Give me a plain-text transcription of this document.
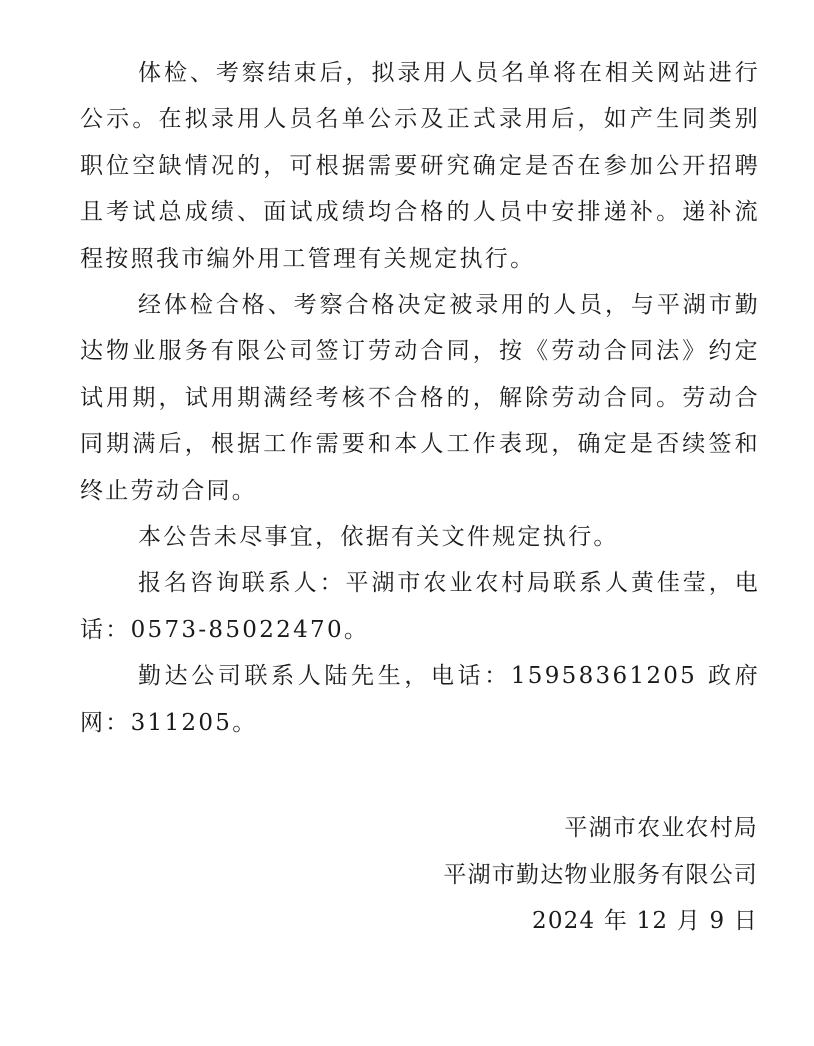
体检、考察结束后，拟录用人员名单将在相关网站进行公示。在拟录用人员名单公示及正式录用后，如产生同类别职位空缺情况的，可根据需要研究确定是否在参加公开招聘且考试总成绩、面试成绩均合格的人员中安排递补。递补流程按照我市编外用工管理有关规定执行。

经体检合格、考察合格决定被录用的人员，与平湖市勤达物业服务有限公司签订劳动合同，按《劳动合同法》约定试用期，试用期满经考核不合格的，解除劳动合同。劳动合同期满后，根据工作需要和本人工作表现，确定是否续签和终止劳动合同。

本公告未尽事宜，依据有关文件规定执行。

报名咨询联系人：平湖市农业农村局联系人黄佳莹，电话：0573-85022470。

勤达公司联系人陆先生，电话：15958361205 政府网：311205。

平湖市农业农村局
平湖市勤达物业服务有限公司
2024 年 12 月 9 日
